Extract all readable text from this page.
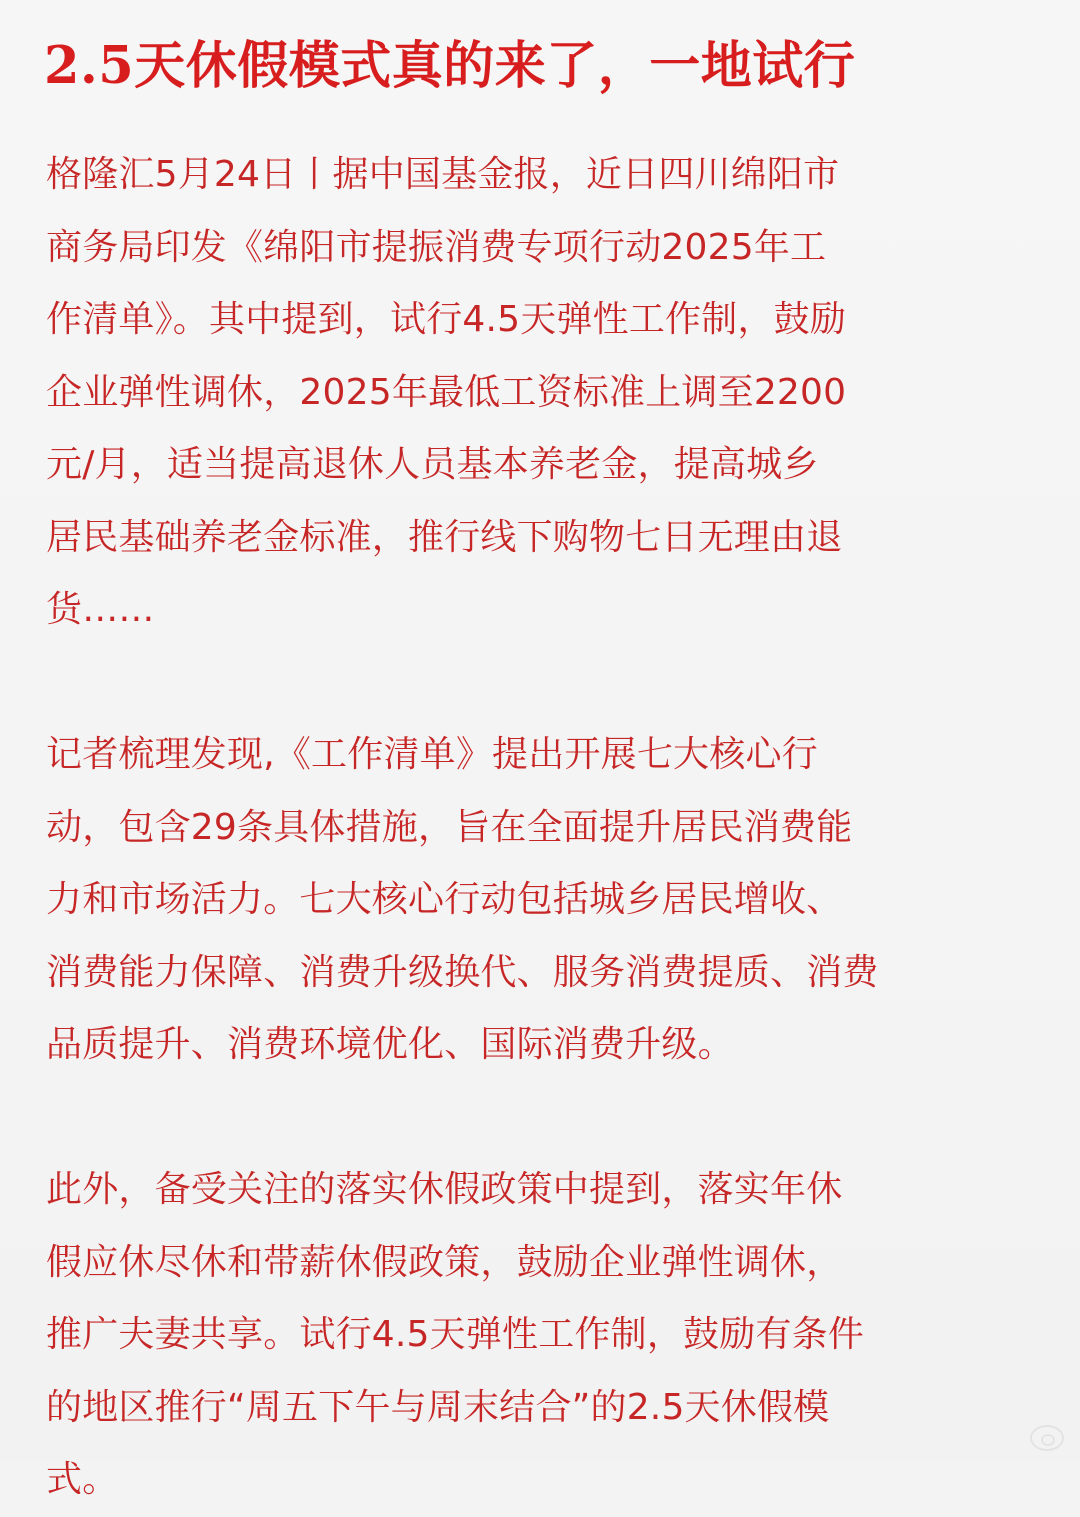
2.5天休假模式真的来了，一地试行

格隆汇5月24日丨据中国基金报，近日四川绵阳市
商务局印发《绵阳市提振消费专项行动2025年工
作清单》。其中提到，试行4.5天弹性工作制，鼓励
企业弹性调休，2025年最低工资标准上调至2200
元/月，适当提高退休人员基本养老金，提高城乡
居民基础养老金标准，推行线下购物七日无理由退
货……

记者梳理发现,《工作清单》提出开展七大核心行
动，包含29条具体措施，旨在全面提升居民消费能
力和市场活力。七大核心行动包括城乡居民增收、
消费能力保障、消费升级换代、服务消费提质、消费
品质提升、消费环境优化、国际消费升级。

此外，备受关注的落实休假政策中提到，落实年休
假应休尽休和带薪休假政策，鼓励企业弹性调休，
推广夫妻共享。试行4.5天弹性工作制，鼓励有条件
的地区推行“周五下午与周末结合”的2.5天休假模
式。
